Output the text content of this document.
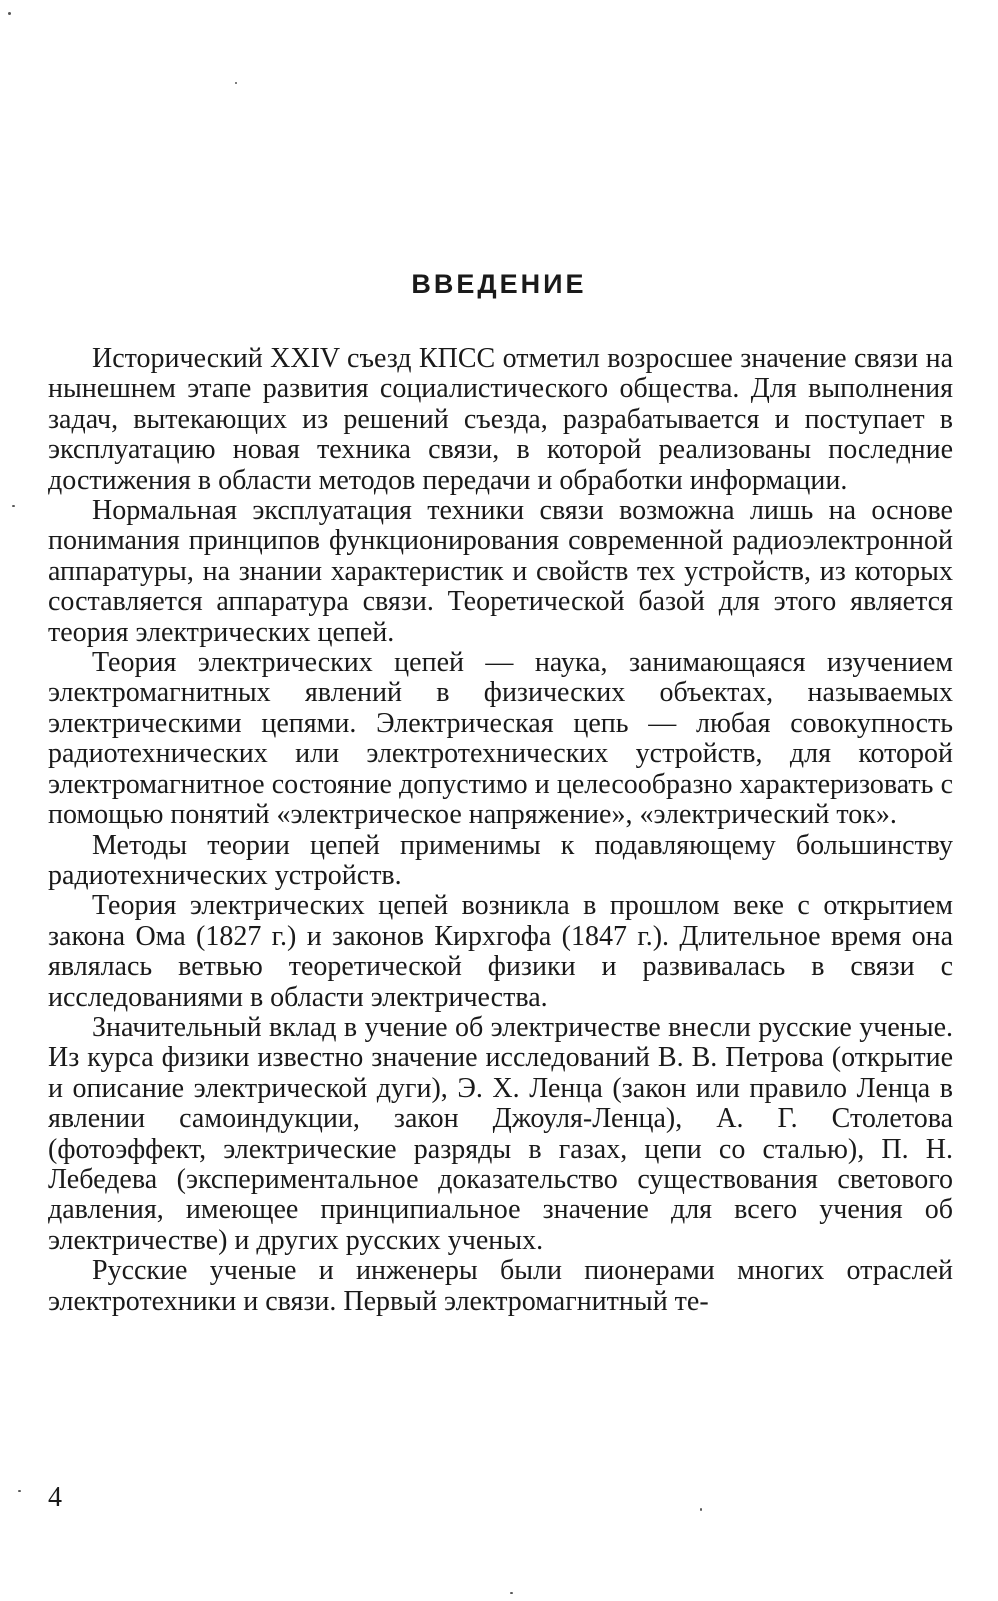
ВВЕДЕНИЕ

Исторический XXIV съезд КПСС отметил возросшее значение связи на нынешнем этапе развития социалистического общества. Для выполнения задач, вытекающих из решений съезда, разрабатывается и поступает в эксплуатацию новая техника связи, в которой реализованы последние достижения в области методов передачи и обработки информации.

Нормальная эксплуатация техники связи возможна лишь на основе понимания принципов функционирования современной радиоэлектронной аппаратуры, на знании характеристик и свойств тех устройств, из которых составляется аппаратура связи. Теоретической базой для этого является теория электрических цепей.

Теория электрических цепей — наука, занимающаяся изучением электромагнитных явлений в физических объектах, называемых электрическими цепями. Электрическая цепь — любая совокупность радиотехнических или электротехнических устройств, для которой электромагнитное состояние допустимо и целесообразно характеризовать с помощью понятий «электрическое напряжение», «электрический ток».

Методы теории цепей применимы к подавляющему большинству радиотехнических устройств.

Теория электрических цепей возникла в прошлом веке с открытием закона Ома (1827 г.) и законов Кирхгофа (1847 г.). Длительное время она являлась ветвью теоретической физики и развивалась в связи с исследованиями в области электричества.

Значительный вклад в учение об электричестве внесли русские ученые. Из курса физики известно значение исследований В. В. Петрова (открытие и описание электрической дуги), Э. Х. Ленца (закон или правило Ленца в явлении самоиндукции, закон Джоуля-Ленца), А. Г. Столетова (фотоэффект, электрические разряды в газах, цепи со сталью), П. Н. Лебедева (экспериментальное доказательство существования светового давления, имеющее принципиальное значение для всего учения об электричестве) и других русских ученых.

Русские ученые и инженеры были пионерами многих отраслей электротехники и связи. Первый электромагнитный те-

4
